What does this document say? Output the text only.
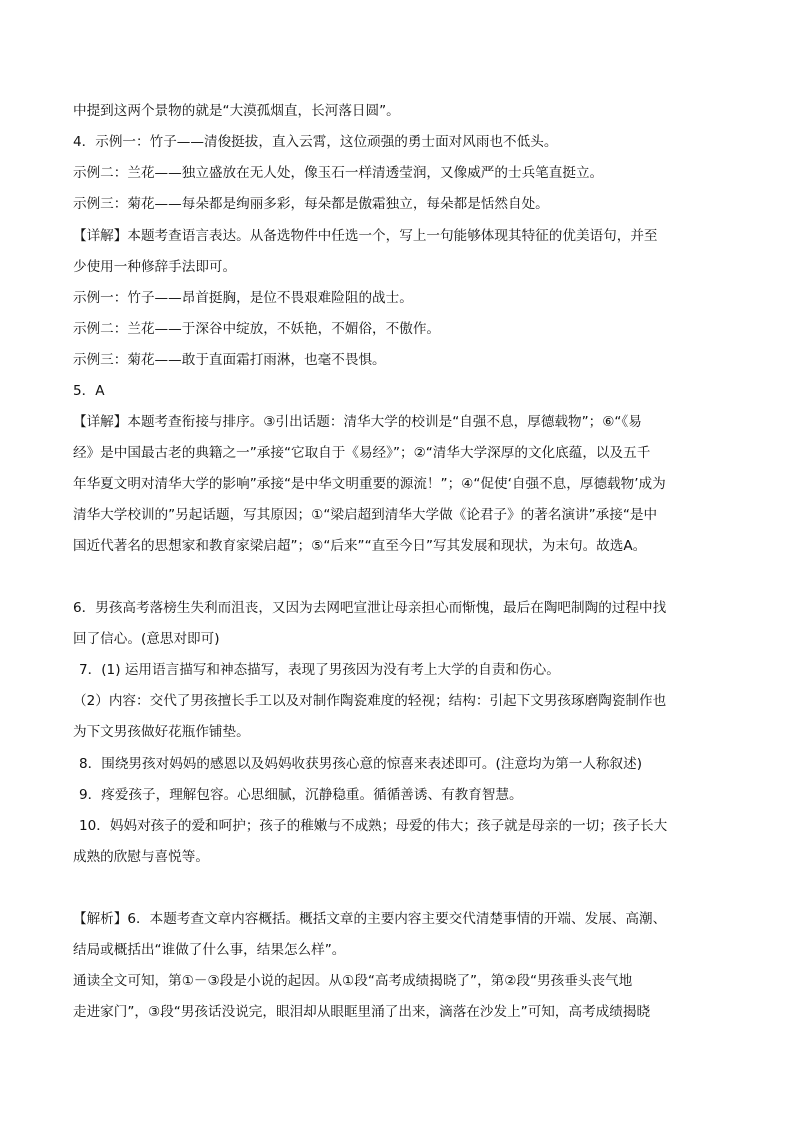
中提到这两个景物的就是“大漠孤烟直，长河落日圆”。
4．示例一：竹子——清俊挺拔，直入云霄，这位顽强的勇士面对风雨也不低头。
示例二：兰花——独立盛放在无人处，像玉石一样清透莹润，又像威严的士兵笔直挺立。
示例三：菊花——每朵都是绚丽多彩，每朵都是傲霜独立，每朵都是恬然自处。
【详解】本题考查语言表达。从备选物件中任选一个，写上一句能够体现其特征的优美语句，并至
少使用一种修辞手法即可。
示例一：竹子——昂首挺胸，是位不畏艰难险阻的战士。
示例二：兰花——于深谷中绽放，不妖艳，不媚俗，不傲作。
示例三：菊花——敢于直面霜打雨淋，也毫不畏惧。
5．A
【详解】本题考查衔接与排序。③引出话题：清华大学的校训是“自强不息，厚德载物”；⑥“《易
经》是中国最古老的典籍之一”承接“它取自于《易经》”；②“清华大学深厚的文化底蕴，以及五千
年华夏文明对清华大学的影响”承接“是中华文明重要的源流！”；④“促使‘自强不息，厚德载物’成为
清华大学校训的”另起话题，写其原因；①“梁启超到清华大学做《论君子》的著名演讲”承接“是中
国近代著名的思想家和教育家梁启超”；⑤“后来”“直至今日”写其发展和现状，为末句。故选A。
6．男孩高考落榜生失利而沮丧，又因为去网吧宣泄让母亲担心而惭愧，最后在陶吧制陶的过程中找
回了信心。(意思对即可)
7．(1) 运用语言描写和神态描写，表现了男孩因为没有考上大学的自责和伤心。
（2）内容：交代了男孩擅长手工以及对制作陶瓷难度的轻视；结构：引起下文男孩琢磨陶瓷制作也
为下文男孩做好花瓶作铺垫。
8．围绕男孩对妈妈的感恩以及妈妈收获男孩心意的惊喜来表述即可。(注意均为第一人称叙述)
9．疼爱孩子，理解包容。心思细腻，沉静稳重。循循善诱、有教育智慧。
10．妈妈对孩子的爱和呵护；孩子的稚嫩与不成熟；母爱的伟大；孩子就是母亲的一切；孩子长大
成熟的欣慰与喜悦等。
【解析】6．本题考查文章内容概括。概括文章的主要内容主要交代清楚事情的开端、发展、高潮、
结局或概括出“谁做了什么事，结果怎么样”。
通读全文可知，第①－③段是小说的起因。从①段“高考成绩揭晓了”，第②段“男孩垂头丧气地
走进家门”，③段“男孩话没说完，眼泪却从眼眶里涌了出来，滴落在沙发上”可知，高考成绩揭晓
